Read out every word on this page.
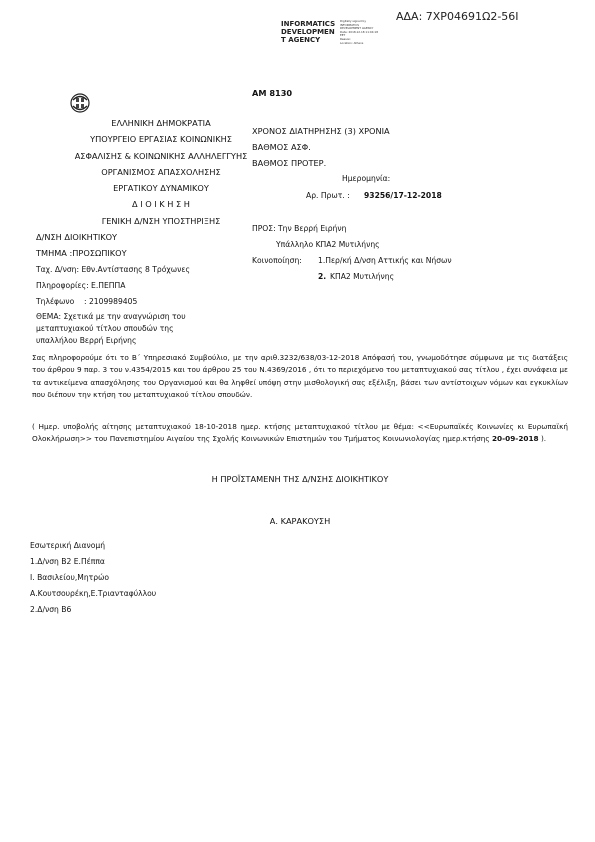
ΑΔΑ: 7ΧΡ04691Ω2-56Ι
INFORMATICS
DEVELOPMEN
T AGENCY
Digitally signed by
INFORMATICS
DEVELOPMENT AGENCY
Date: 2018.12.18 11:04:18
EET
Reason:
Location: Athens
ΑΜ 8130
ΕΛΛΗΝΙΚΗ ΔΗΜΟΚΡΑΤΙΑ
ΥΠΟΥΡΓΕΙΟ ΕΡΓΑΣΙΑΣ ΚΟΙΝΩΝΙΚΗΣ
ΑΣΦΑΛΙΣΗΣ & ΚΟΙΝΩΝΙΚΗΣ ΑΛΛΗΛΕΓΓΥΗΣ
ΟΡΓΑΝΙΣΜΟΣ ΑΠΑΣΧΟΛΗΣΗΣ
ΕΡΓΑΤΙΚΟΥ ΔΥΝΑΜΙΚΟΥ
Δ Ι Ο Ι Κ Η Σ Η
ΓΕΝΙΚΗ Δ/ΝΣΗ ΥΠΟΣΤΗΡΙΞΗΣ
Δ/ΝΣΗ ΔΙΟΙΚΗΤΙΚΟΥ
ΤΜΗΜΑ :ΠΡΟΣΩΠΙΚΟΥ
Ταχ. Δ/νση: Εθν.Αντίστασης 8 Τρόχωνες
Πληροφορίες: Ε.ΠΕΠΠΑ
Τηλέφωνο : 2109989405
ΘΕΜΑ: Σχετικά με την αναγνώριση του
μεταπτυχιακού τίτλου σπουδών της
υπαλλήλου Βερρή Ειρήνης
ΧΡΟΝΟΣ ΔΙΑΤΗΡΗΣΗΣ (3) ΧΡΟΝΙΑ
ΒΑΘΜΟΣ ΑΣΦ.
ΒΑΘΜΟΣ ΠΡΟΤΕΡ.
Ημερομηνία:
Αρ. Πρωτ. : 93256/17-12-2018
ΠΡΟΣ: Την Βερρή Ειρήνη
Υπάλληλο ΚΠΑ2 Μυτιλήνης
Κοινοποίηση: 1.Περ/κή Δ/νση Αττικής και Νήσων
2. ΚΠΑ2 Μυτιλήνης
Σας πληροφορούμε ότι το Β΄ Υπηρεσιακό Συμβούλιο, με την αριθ.3232/638/03-12-2018 Απόφασή του, γνωμοδότησε σύμφωνα με τις διατάξεις του άρθρου 9 παρ. 3 του ν.4354/2015 και του άρθρου 25 του Ν.4369/2016 , ότι το περιεχόμενο του μεταπτυχιακού σας τίτλου , έχει συνάφεια με τα αντικείμενα απασχόλησης του Οργανισμού και θα ληφθεί υπόψη στην μισθολογική σας εξέλιξη, βάσει των αντίστοιχων νόμων και εγκυκλίων που διέπουν την κτήση του μεταπτυχιακού τίτλου σπουδών.
( Ημερ. υποβολής αίτησης μεταπτυχιακού 18-10-2018 ημερ. κτήσης μεταπτυχιακού τίτλου με θέμα: <<Ευρωπαϊκές Κοινωνίες κι Ευρωπαϊκή Ολοκλήρωση>> του Πανεπιστημίου Αιγαίου της Σχολής Κοινωνικών Επιστημών του Τμήματος Κοινωνιολογίας ημερ.κτήσης 20-09-2018 ).
Η ΠΡΟΪΣΤΑΜΕΝΗ ΤΗΣ Δ/ΝΣΗΣ ΔΙΟΙΚΗΤΙΚΟΥ
Α. ΚΑΡΑΚΟΥΣΗ
Εσωτερική Διανομή
1.Δ/νση Β2 Ε.Πέππα
Ι. Βασιλείου,Μητρώο
Α.Κουτσουρέκη,Ε.Τριανταφύλλου
2.Δ/νση Β6
